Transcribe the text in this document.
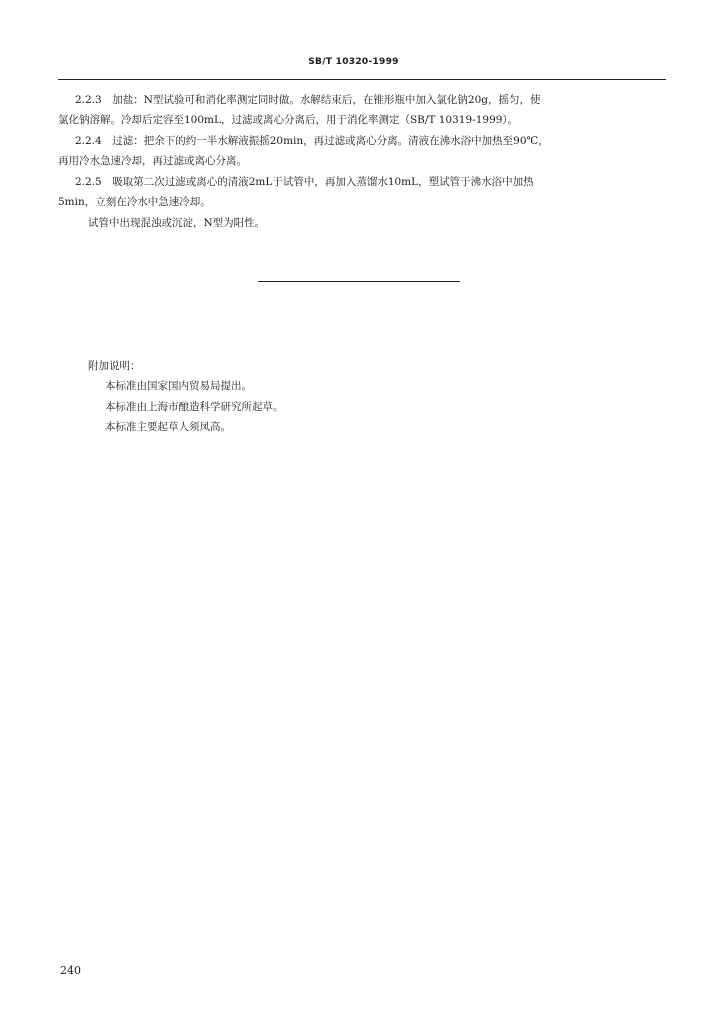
SB/T 10320-1999
2.2.3　加盐：N型试验可和消化率测定同时做。水解结束后，在锥形瓶中加入氯化钠20g，摇匀，使
氯化钠溶解。冷却后定容至100mL，过滤或离心分离后，用于消化率测定（SB/T 10319-1999）。
2.2.4　过滤：把余下的约一半水解液振摇20min，再过滤或离心分离。清液在沸水浴中加热至90℃，
再用冷水急速冷却，再过滤或离心分离。
2.2.5　吸取第二次过滤或离心的清液2mL于试管中，再加入蒸馏水10mL，塑试管于沸水浴中加热
5min，立刻在冷水中急速冷却。
试管中出现混浊或沉淀，N型为阳性。
附加说明：
本标准由国家国内贸易局提出。
本标准由上海市酿造科学研究所起草。
本标准主要起草人须凤高。
240
